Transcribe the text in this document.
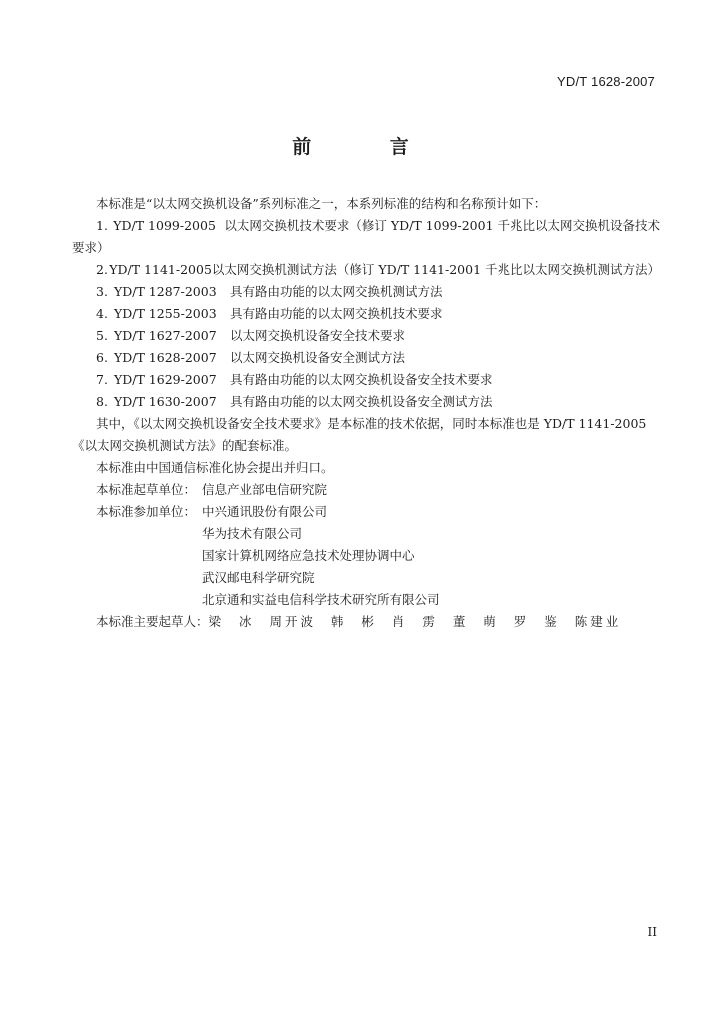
YD/T 1628-2007
前 言

本标准是“以太网交换机设备”系列标准之一，本系列标准的结构和名称预计如下：

1. YD/T 1099-2005 以太网交换机技术要求（修订 YD/T 1099-2001 千兆比以太网交换机设备技术
要求）
2. YD/T 1141-2005 以太网交换机测试方法（修订 YD/T 1141-2001 千兆比以太网交换机测试方法）
3. YD/T 1287-2003	具有路由功能的以太网交换机测试方法
4. YD/T 1255-2003	具有路由功能的以太网交换机技术要求
5. YD/T 1627-2007	以太网交换机设备安全技术要求
6. YD/T 1628-2007	以太网交换机设备安全测试方法
7. YD/T 1629-2007	具有路由功能的以太网交换机设备安全技术要求
8. YD/T 1630-2007	具有路由功能的以太网交换机设备安全测试方法

其中，《以太网交换机设备安全技术要求》是本标准的技术依据，同时本标准也是 YD/T 1141-2005《以太网交换机测试方法》的配套标准。

本标准由中国通信标准化协会提出并归口。

本标准起草单位： 信息产业部电信研究院
本标准参加单位： 中兴通讯股份有限公司
华为技术有限公司
国家计算机网络应急技术处理协调中心
武汉邮电科学研究院
北京通和实益电信科学技术研究所有限公司
本标准主要起草人： 梁 冰 周开波 韩 彬 肖 雳 董 萌 罗 鉴 陈建业
II
